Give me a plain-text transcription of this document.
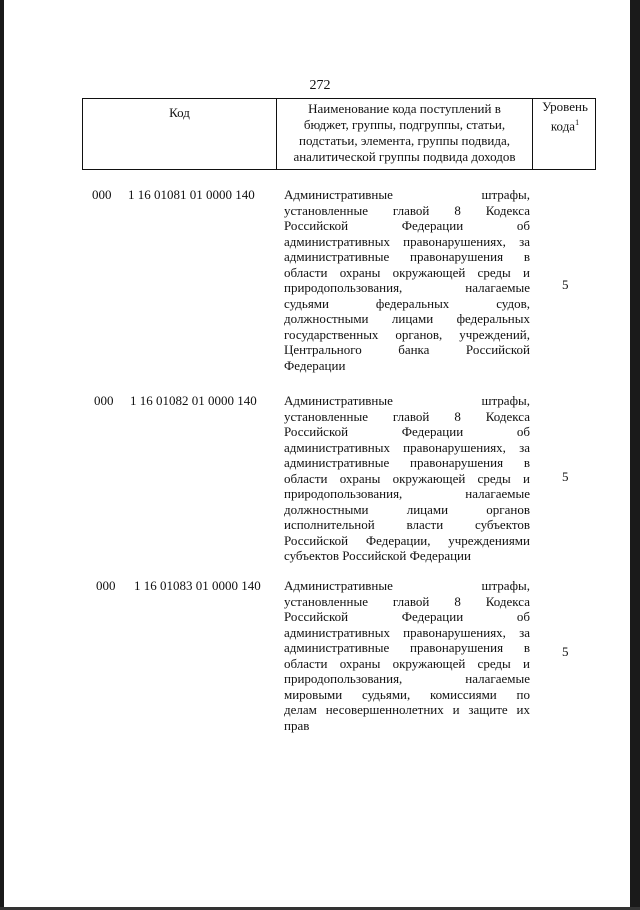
272
Код	Наименование кода поступлений в
бюджет, группы, подгруппы, статьи,
подстатьи, элемента, группы подвида,
аналитической группы подвида доходов
Уровень
кода$^1$
000 1 16 01081 01 0000 140 Административные штрафы,
установленные главой 8 Кодекса
Российской Федерации об
административных правонарушениях, за
административные правонарушения в
области охраны окружающей среды и
природопользования, налагаемые
судьями федеральных судов,
должностными лицами федеральных
государственных органов, учреждений,
Центрального банка Российской
Федерации
5
000 1 16 01082 01 0000 140 Административные штрафы,
установленные главой 8 Кодекса
Российской Федерации об
административных правонарушениях, за
административные правонарушения в
области охраны окружающей среды и
природопользования, налагаемые
должностными лицами органов
исполнительной власти субъектов
Российской Федерации, учреждениями
субъектов Российской Федерации
5
000 1 16 01083 01 0000 140 Административные штрафы,
установленные главой 8 Кодекса
Российской Федерации об
административных правонарушениях, за
административные правонарушения в
области охраны окружающей среды и
природопользования, налагаемые
мировыми судьями, комиссиями по
делам несовершеннолетних и защите их
прав
5
